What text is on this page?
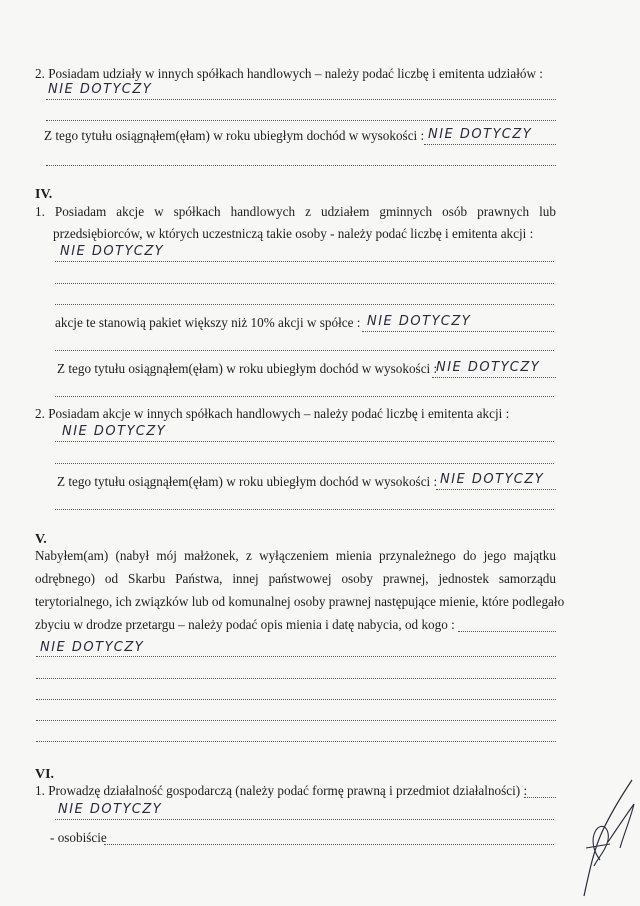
2. Posiadam udziały w innych spółkach handlowych – należy podać liczbę i emitenta udziałów :
NIE DOTYCZY
Z tego tytułu osiągnąłem(ęłam) w roku ubiegłym dochód w wysokości : NIE DOTYCZY
IV.
1. Posiadam akcje w spółkach handlowych z udziałem gminnych osób prawnych lub
przedsiębiorców, w których uczestniczą takie osoby - należy podać liczbę i emitenta akcji :
NIE DOTYCZY
akcje te stanowią pakiet większy niż 10% akcji w spółce : NIE DOTYCZY
Z tego tytułu osiągnąłem(ęłam) w roku ubiegłym dochód w wysokości :
NIE DOTYCZY
2. Posiadam akcje w innych spółkach handlowych – należy podać liczbę i emitenta akcji :
NIE DOTYCZY
Z tego tytułu osiągnąłem(ęłam) w roku ubiegłym dochód w wysokości : NIE DOTYCZY
V.
Nabyłem(am) (nabył mój małżonek, z wyłączeniem mienia przynależnego do jego majątku
odrębnego) od Skarbu Państwa, innej państwowej osoby prawnej, jednostek samorządu
terytorialnego, ich związków lub od komunalnej osoby prawnej następujące mienie, które podlegało
zbyciu w drodze przetargu – należy podać opis mienia i datę nabycia, od kogo :
NIE DOTYCZY
VI.
1. Prowadzę działalność gospodarczą (należy podać formę prawną i przedmiot działalności) :
NIE DOTYCZY
- osobiście
